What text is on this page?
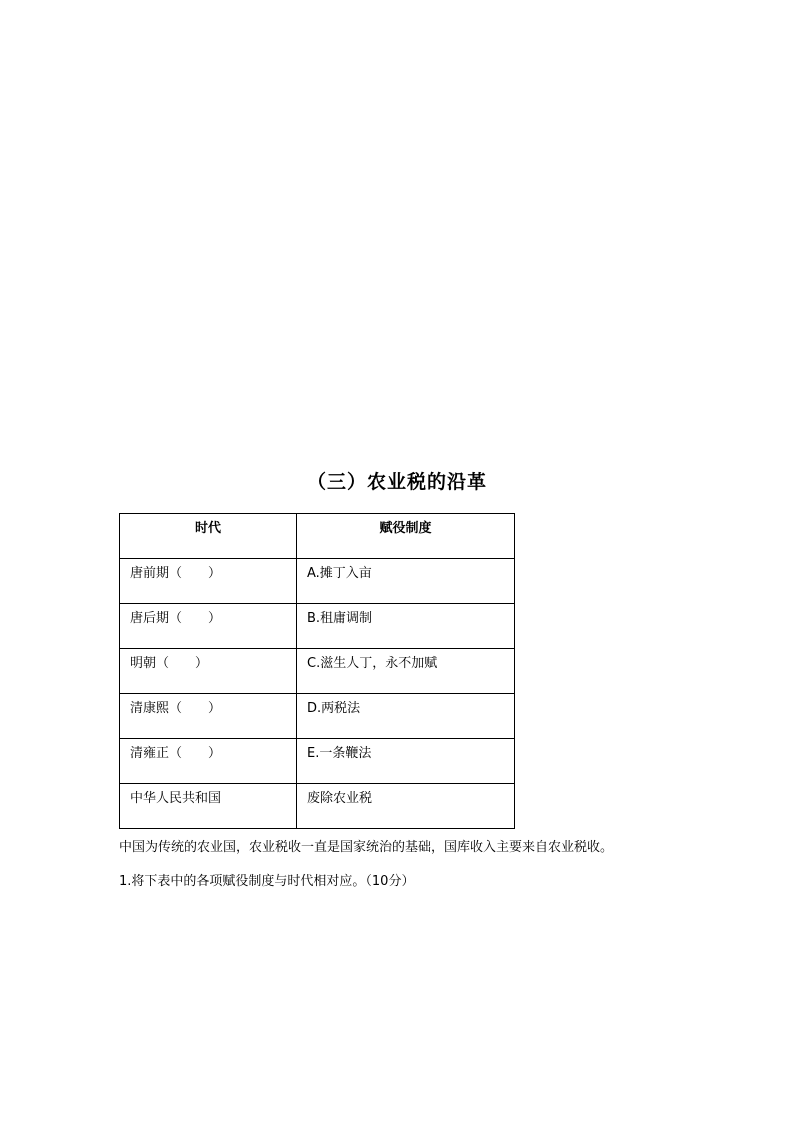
（三）农业税的沿革
时代	赋役制度
唐前期（　　）	A.摊丁入亩
唐后期（　　）	B.租庸调制
明朝（　　）	C.滋生人丁，永不加赋
清康熙（　　）	D.两税法
清雍正（　　）	E.一条鞭法
中华人民共和国	废除农业税
中国为传统的农业国，农业税收一直是国家统治的基础，国库收入主要来自农业税收。
1.将下表中的各项赋役制度与时代相对应。（10分）
